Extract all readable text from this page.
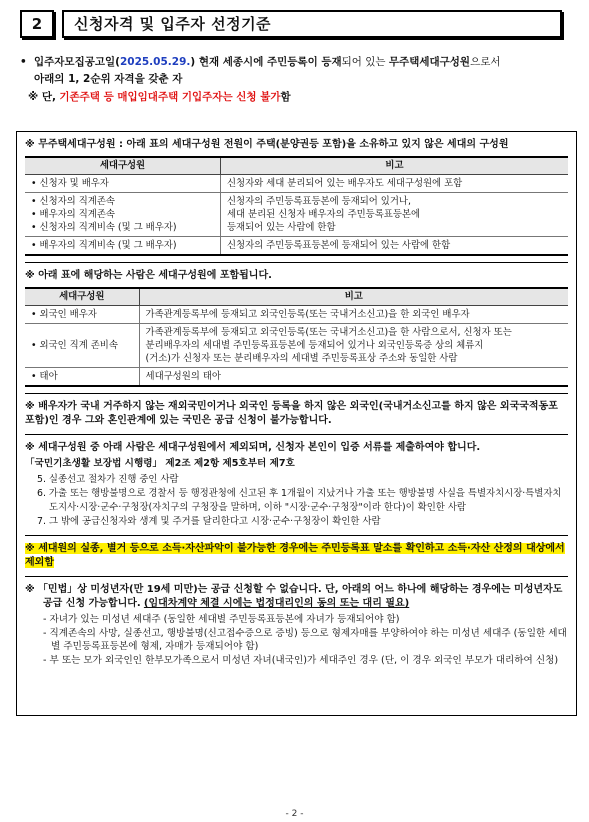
2	신청자격 및 입주자 선정기준
• 입주자모집공고일(2025.05.29.) 현재 세종시에 주민등록이 등재되어 있는 무주택세대구성원으로서
아래의 1, 2순위 자격을 갖춘 자
※ 단, 기존주택 등 매입임대주택 기입주자는 신청 불가함
※ 무주택세대구성원 : 아래 표의 세대구성원 전원이 주택(분양권등 포함)을 소유하고 있지 않은 세대의 구성원
세대구성원	비고

• 신청자 및 배우자	신청자와 세대 분리되어 있는 배우자도 세대구성원에 포함

• 신청자의 직계존속
• 배우자의 직계존속
• 신청자의 직계비속 (및 그 배우자)	신청자의 주민등록표등본에 등재되어 있거나,
세대 분리된 신청자 배우자의 주민등록표등본에
등재되어 있는 사람에 한함

• 배우자의 직계비속 (및 그 배우자)	신청자의 주민등록표등본에 등재되어 있는 사람에 한함
※ 아래 표에 해당하는 사람은 세대구성원에 포함됩니다.
세대구성원	비고
• 외국인 배우자	가족관계등록부에 등재되고 외국인등록(또는 국내거소신고)을 한 외국인 배우자

• 외국인 직계 존비속	가족관계등록부에 등재되고 외국인등록(또는 국내거소신고)을 한 사람으로서, 신청자 또는
분리배우자의 세대별 주민등록표등본에 등재되어 있거나 외국인등록증 상의 체류지
(거소)가 신청자 또는 분리배우자의 세대별 주민등록표상 주소와 동일한 사람

• 태아	세대구성원의 태아
※ 배우자가 국내 거주하지 않는 재외국민이거나 외국인 등록을 하지 않은 외국인(국내거소신고를 하지 않은 외국국적동포 포함)인 경우 그와 혼인관계에 있는 국민은 공급 신청이 불가능합니다.
※ 세대구성원 중 아래 사람은 세대구성원에서 제외되며, 신청자 본인이 입증 서류를 제출하여야 합니다.
「국민기초생활 보장법 시행령」 제2조 제2항 제5호부터 제7호
5. 실종선고 절차가 진행 중인 사람
6. 가출 또는 행방불명으로 경찰서 등 행정관청에 신고된 후 1개월이 지났거나 가출 또는 행방불명 사실을 특별자치시장·특별자치도지사·시장·군수·구청장(자치구의 구청장을 말하며, 이하 "시장·군수·구청장"이라 한다)이 확인한 사람
7. 그 밖에 공급신청자와 생계 및 주거를 달리한다고 시장·군수·구청장이 확인한 사람
※ 세대원의 실종, 별거 등으로 소득·자산파악이 불가능한 경우에는 주민등록표 말소를 확인하고 소득·자산 산정의 대상에서 제외함
※ 「민법」상 미성년자(만 19세 미만)는 공급 신청할 수 없습니다. 단, 아래의 어느 하나에 해당하는 경우에는 미성년자도 공급 신청 가능합니다. (임대차계약 체결 시에는 법정대리인의 동의 또는 대리 필요)
- 자녀가 있는 미성년 세대주 (동일한 세대별 주민등록표등본에 자녀가 등재되어야 함)
- 직계존속의 사망, 실종선고, 행방불명(신고접수증으로 증빙) 등으로 형제자매를 부양하여야 하는 미성년 세대주 (동일한 세대별 주민등록표등본에 형제, 자매가 등재되어야 함)
- 부 또는 모가 외국인인 한부모가족으로서 미성년 자녀(내국인)가 세대주인 경우 (단, 이 경우 외국인 부모가 대리하여 신청)
- 2 -
